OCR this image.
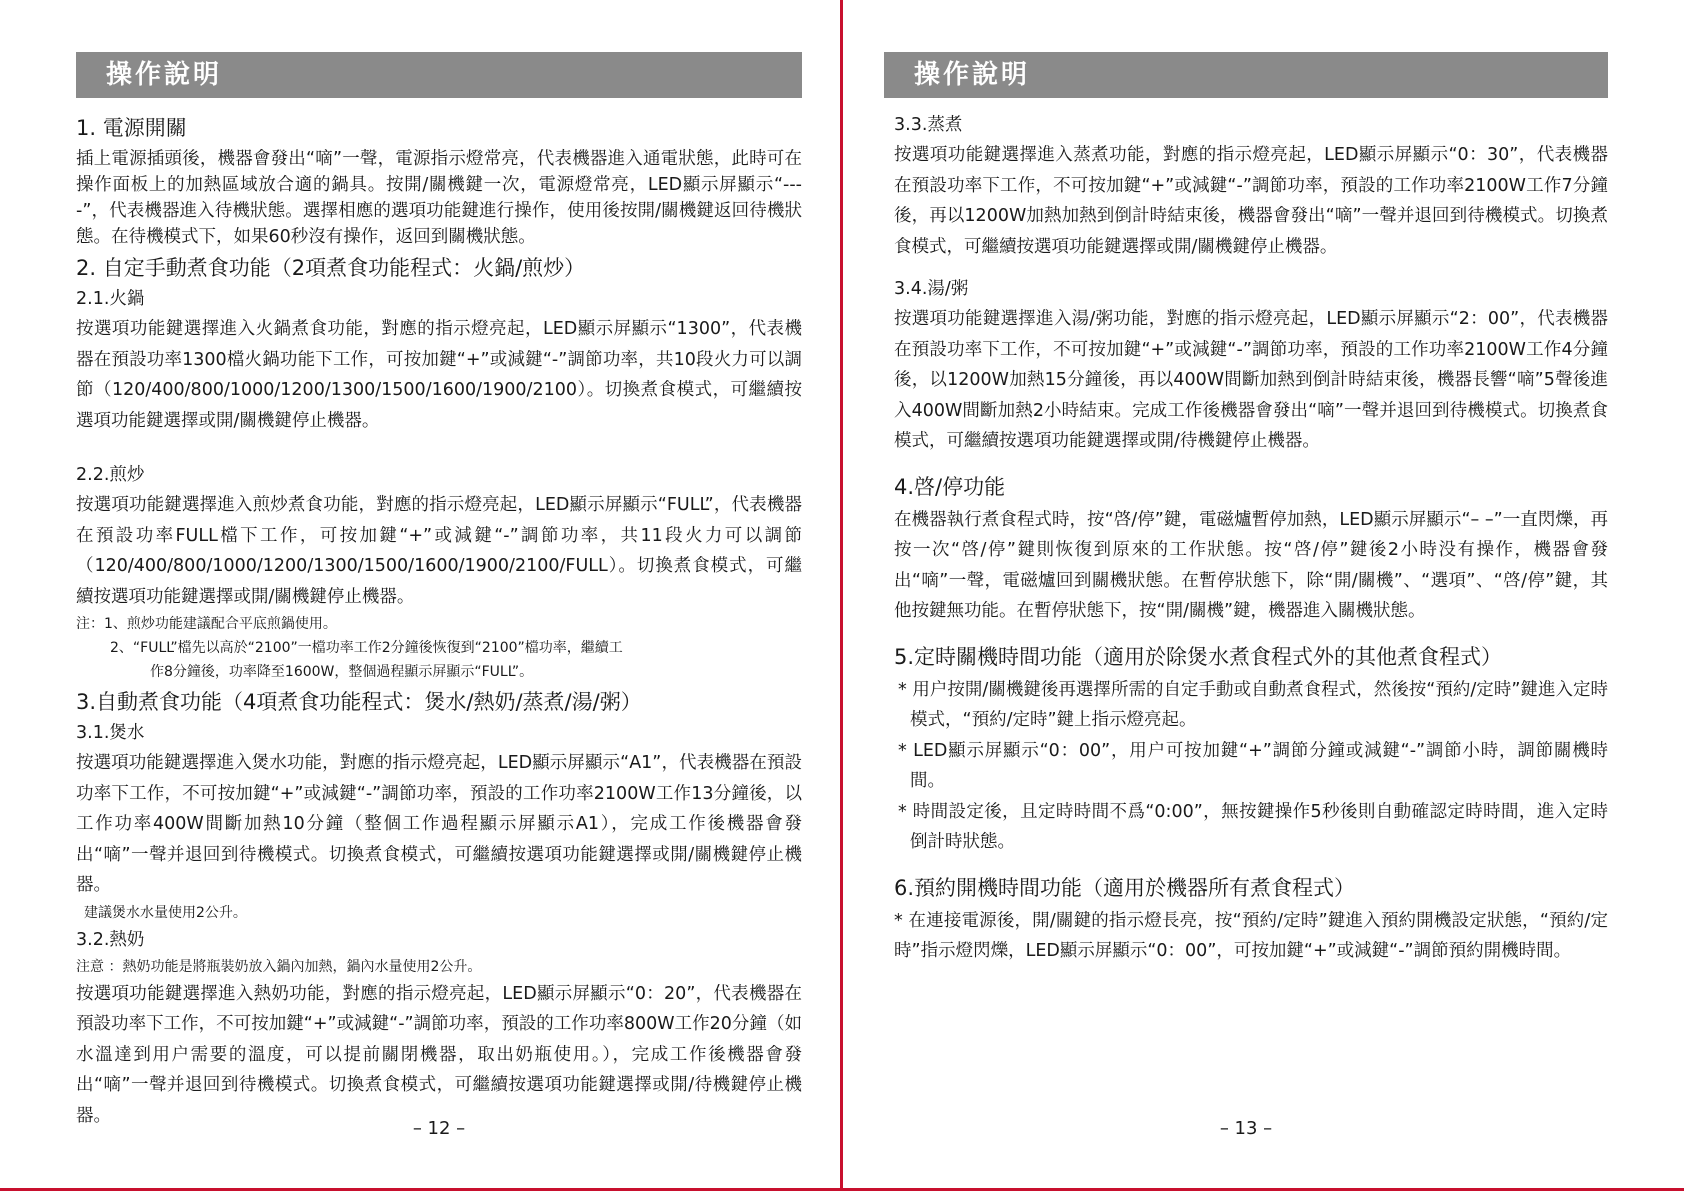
操作說明
1. 電源開關

插上電源插頭後，機器會發出“嘀”一聲，電源指示燈常亮，代表機器進入通電狀態，此時可在操作面板上的加熱區域放合適的鍋具。按開/關機鍵一次，電源燈常亮，LED顯示屏顯示“----”，代表機器進入待機狀態。選擇相應的選項功能鍵進行操作，使用後按開/關機鍵返回待機狀態。在待機模式下，如果60秒沒有操作，返回到關機狀態。

2. 自定手動煮食功能（2項煮食功能程式：火鍋/煎炒）
2.1.火鍋

按選項功能鍵選擇進入火鍋煮食功能，對應的指示燈亮起，LED顯示屏顯示“1300”，代表機器在預設功率1300檔火鍋功能下工作，可按加鍵“+”或減鍵“-”調節功率，共10段火力可以調節（120/400/800/1000/1200/1300/1500/1600/1900/2100）。切換煮食模式，可繼續按選項功能鍵選擇或開/關機鍵停止機器。

2.2.煎炒

按選項功能鍵選擇進入煎炒煮食功能，對應的指示燈亮起，LED顯示屏顯示“FULL”，代表機器在預設功率FULL檔下工作，可按加鍵“+”或減鍵“-”調節功率，共11段火力可以調節（120/400/800/1000/1200/1300/1500/1600/1900/2100/FULL）。切換煮食模式，可繼續按選項功能鍵選擇或開/關機鍵停止機器。

注：1、煎炒功能建議配合平底煎鍋使用。

2、“FULL”檔先以高於“2100”一檔功率工作2分鐘後恢復到“2100”檔功率，繼續工

作8分鐘後，功率降至1600W，整個過程顯示屏顯示“FULL”。

3.自動煮食功能（4項煮食功能程式：煲水/熱奶/蒸煮/湯/粥）
3.1.煲水

按選項功能鍵選擇進入煲水功能，對應的指示燈亮起，LED顯示屏顯示“A1”，代表機器在預設功率下工作，不可按加鍵“+”或減鍵“-”調節功率，預設的工作功率2100W工作13分鐘後，以工作功率400W間斷加熱10分鐘（整個工作過程顯示屏顯示A1），完成工作後機器會發出“嘀”一聲并退回到待機模式。切換煮食模式，可繼續按選項功能鍵選擇或開/關機鍵停止機器。

建議煲水水量使用2公升。

3.2.熱奶

注意 ：熱奶功能是將瓶裝奶放入鍋內加熱，鍋內水量使用2公升。

按選項功能鍵選擇進入熱奶功能，對應的指示燈亮起，LED顯示屏顯示“0：20”，代表機器在預設功率下工作，不可按加鍵“+”或減鍵“-”調節功率，預設的工作功率800W工作20分鐘（如水溫達到用户需要的溫度，可以提前關閉機器，取出奶瓶使用。），完成工作後機器會發出“嘀”一聲并退回到待機模式。切換煮食模式，可繼續按選項功能鍵選擇或開/待機鍵停止機器。

– 12 –
操作說明
3.3.蒸煮

按選項功能鍵選擇進入蒸煮功能，對應的指示燈亮起，LED顯示屏顯示“0：30”，代表機器在預設功率下工作，不可按加鍵“+”或減鍵“-”調節功率，預設的工作功率2100W工作7分鐘後，再以1200W加熱加熱到倒計時結束後，機器會發出“嘀”一聲并退回到待機模式。切換煮食模式，可繼續按選項功能鍵選擇或開/關機鍵停止機器。

3.4.湯/粥

按選項功能鍵選擇進入湯/粥功能，對應的指示燈亮起，LED顯示屏顯示“2：00”，代表機器在預設功率下工作，不可按加鍵“+”或減鍵“-”調節功率，預設的工作功率2100W工作4分鐘後，以1200W加熱15分鐘後，再以400W間斷加熱到倒計時結束後，機器長響“嘀”5聲後進入400W間斷加熱2小時結束。完成工作後機器會發出“嘀”一聲并退回到待機模式。切換煮食模式，可繼續按選項功能鍵選擇或開/待機鍵停止機器。

4.啓/停功能

在機器執行煮食程式時，按“啓/停”鍵，電磁爐暫停加熱，LED顯示屏顯示“– –”一直閃爍，再按一次“啓/停”鍵則恢復到原來的工作狀態。按“啓/停”鍵後2小時没有操作，機器會發出“嘀”一聲，電磁爐回到關機狀態。在暫停狀態下，除“開/關機”、“選項”、“啓/停”鍵，其他按鍵無功能。在暫停狀態下，按“開/關機”鍵，機器進入關機狀態。

5.定時關機時間功能（適用於除煲水煮食程式外的其他煮食程式）

* 用户按開/關機鍵後再選擇所需的自定手動或自動煮食程式，然後按“預約/定時”鍵進入定時模式，“預約/定時”鍵上指示燈亮起。

* LED顯示屏顯示“0：00”，用户可按加鍵“+”調節分鐘或減鍵“-”調節小時，調節關機時間。

* 時間設定後，且定時時間不爲“0:00”，無按鍵操作5秒後則自動確認定時時間，進入定時倒計時狀態。

6.預約開機時間功能（適用於機器所有煮食程式）

* 在連接電源後，開/關鍵的指示燈長亮，按“預約/定時”鍵進入預約開機設定狀態，“預約/定時”指示燈閃爍，LED顯示屏顯示“0：00”，可按加鍵“+”或減鍵“-”調節預約開機時間。

– 13 –
